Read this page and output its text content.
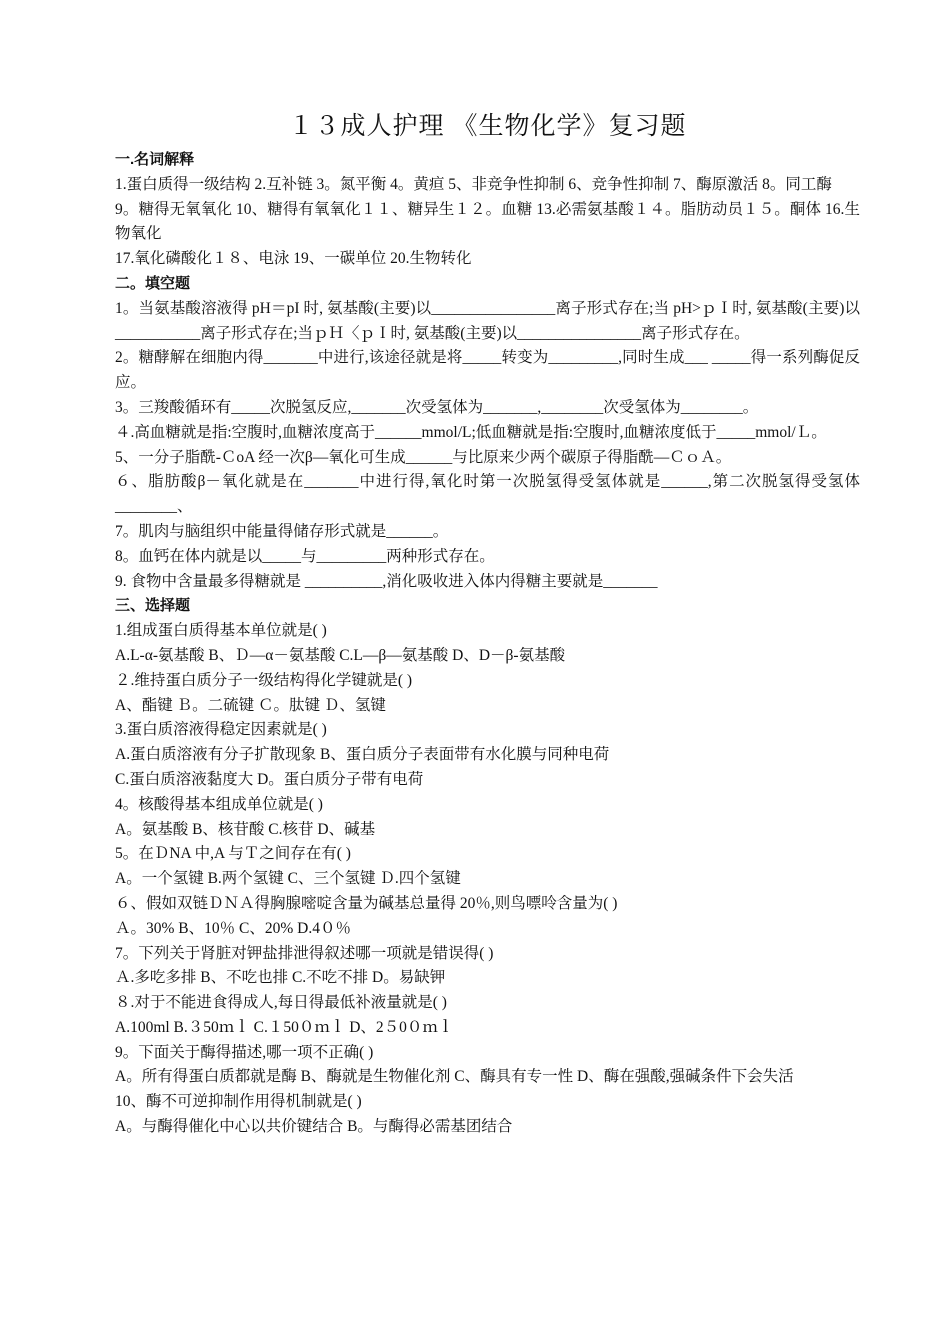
１３成人护理 《生物化学》复习题
一.名词解释
1.蛋白质得一级结构 2.互补链 3。氮平衡 4。黄疸 5、非竞争性抑制 6、竞争性抑制 7、酶原激活 8。同工酶
9。糖得无氧氧化 10、糖得有氧氧化１１、糖异生１２。血糖 13.必需氨基酸１４。脂肪动员１５。酮体 16.生物氧化
17.氧化磷酸化１８、电泳 19、一碳单位 20.生物转化
二。填空题
1。当氨基酸溶液得 pH＝pI 时, 氨基酸(主要)以________________离子形式存在;当 pH>ｐＩ时, 氨基酸(主要)以___________离子形式存在;当ｐＨ〈ｐＩ时, 氨基酸(主要)以________________离子形式存在。
2。糖酵解在细胞内得_______中进行,该途径就是将_____转变为_________,同时生成___ _____得一系列酶促反应。
3。三羧酸循环有_____次脱氢反应,_______次受氢体为_______,________次受氢体为________。
４.高血糖就是指:空腹时,血糖浓度高于______mmol/L;低血糖就是指:空腹时,血糖浓度低于_____mmol/Ｌ。
5、一分子脂酰-ＣoA 经一次β—氧化可生成______与比原来少两个碳原子得脂酰—ＣｏＡ。
６、脂肪酸β－氧化就是在_______中进行得,氧化时第一次脱氢得受氢体就是______,第二次脱氢得受氢体________、
7。肌肉与脑组织中能量得储存形式就是______。
8。血钙在体内就是以_____与_________两种形式存在。
9. 食物中含量最多得糖就是 __________,消化吸收进入体内得糖主要就是_______
三、选择题
1.组成蛋白质得基本单位就是( )
A.L-α-氨基酸 B、Ｄ—α－氨基酸 C.L—β—氨基酸 D、D－β-氨基酸
２.维持蛋白质分子一级结构得化学键就是( )
A、酯键 Ｂ。二硫键 Ｃ。肽键 Ｄ、氢键
3.蛋白质溶液得稳定因素就是( )
A.蛋白质溶液有分子扩散现象 B、蛋白质分子表面带有水化膜与同种电荷
C.蛋白质溶液黏度大 D。蛋白质分子带有电荷
4。核酸得基本组成单位就是( )
A。氨基酸 B、核苷酸 C.核苷 D、碱基
5。在ＤNA 中,A 与Ｔ之间存在有( )
A。一个氢键 B.两个氢键 C、三个氢键 Ｄ.四个氢键
６、假如双链ＤＮＡ得胸腺嘧啶含量为碱基总量得 20％,则鸟嘌呤含量为( )
Ａ。30% B、10％ C、20% D.4０％
7。下列关于肾脏对钾盐排泄得叙述哪一项就是错误得( )
Ａ.多吃多排 B、不吃也排 C.不吃不排 D。易缺钾
８.对于不能进食得成人,每日得最低补液量就是( )
A.100ml B.３50ｍｌ C.１50０ｍｌ D、2５0０ｍｌ
9。下面关于酶得描述,哪一项不正确( )
A。所有得蛋白质都就是酶 B、酶就是生物催化剂 C、酶具有专一性 D、酶在强酸,强碱条件下会失活
10、酶不可逆抑制作用得机制就是( )
A。与酶得催化中心以共价键结合 B。与酶得必需基团结合
